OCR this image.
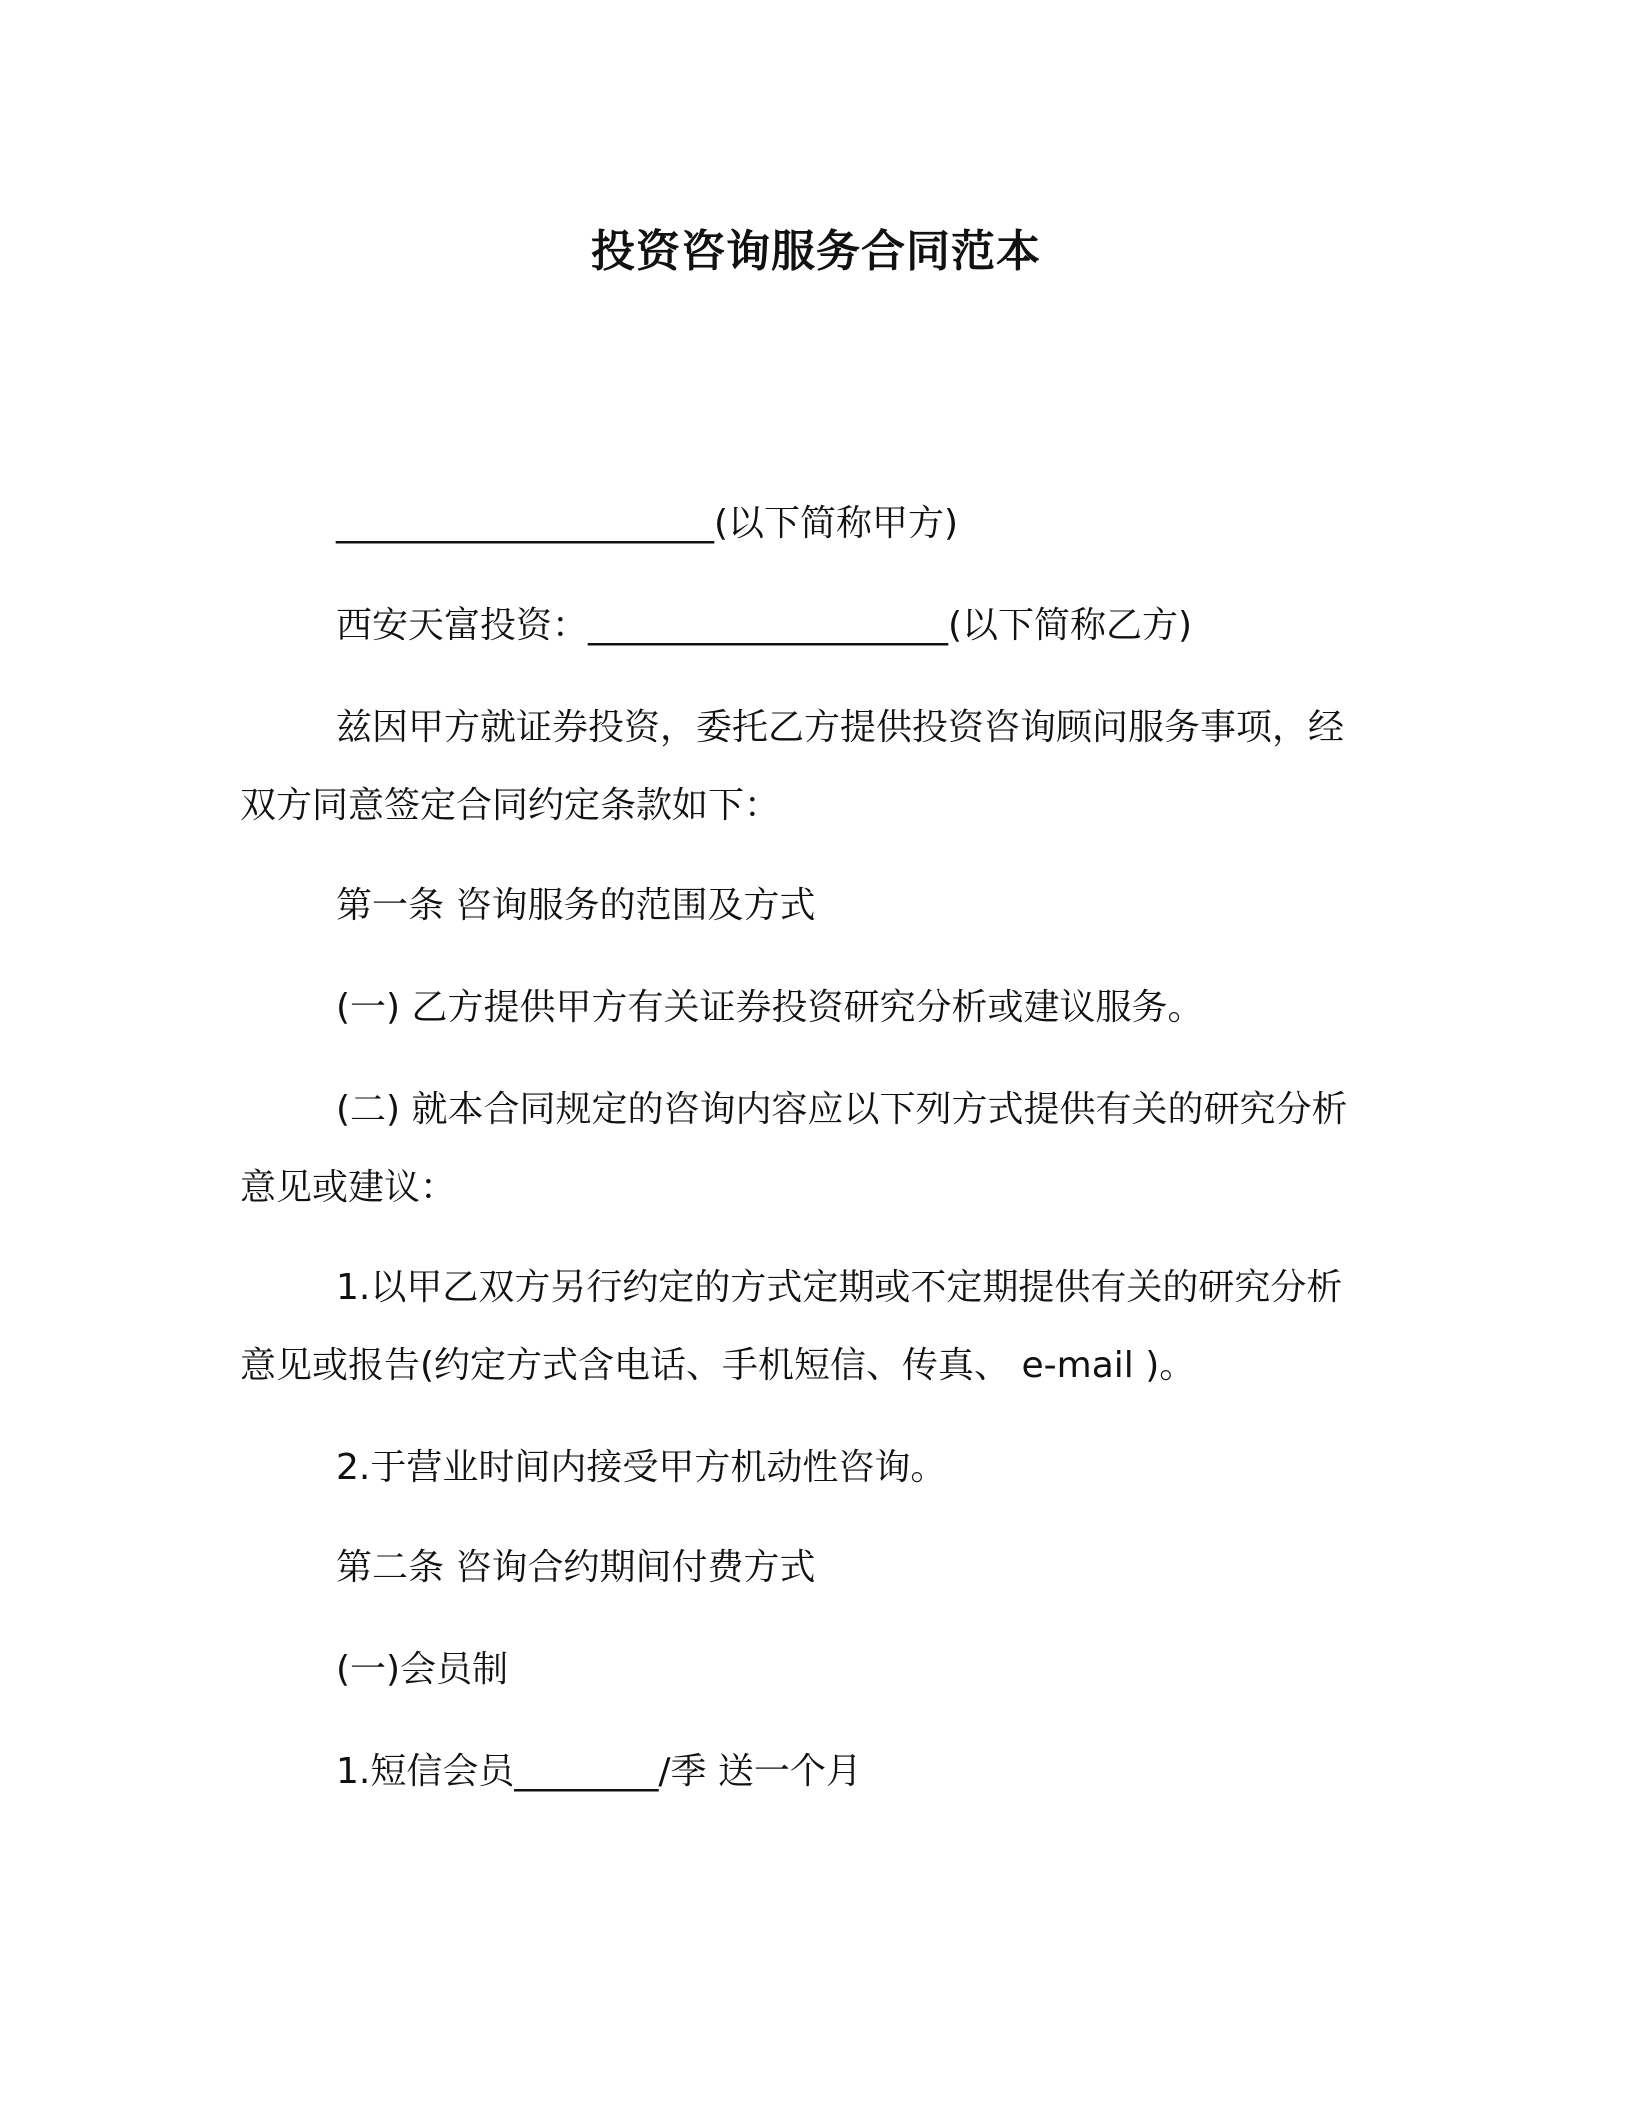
投资咨询服务合同范本
_____________________(以下简称甲方)
西安天富投资：____________________(以下简称乙方)
兹因甲方就证券投资，委托乙方提供投资咨询顾问服务事项，经
双方同意签定合同约定条款如下：
第一条 咨询服务的范围及方式
(一) 乙方提供甲方有关证券投资研究分析或建议服务。
(二) 就本合同规定的咨询内容应以下列方式提供有关的研究分析
意见或建议：
1.以甲乙双方另行约定的方式定期或不定期提供有关的研究分析
意见或报告(约定方式含电话、手机短信、传真、 e-mail )。
2.于营业时间内接受甲方机动性咨询。
第二条 咨询合约期间付费方式
(一)会员制
1.短信会员________/季 送一个月
